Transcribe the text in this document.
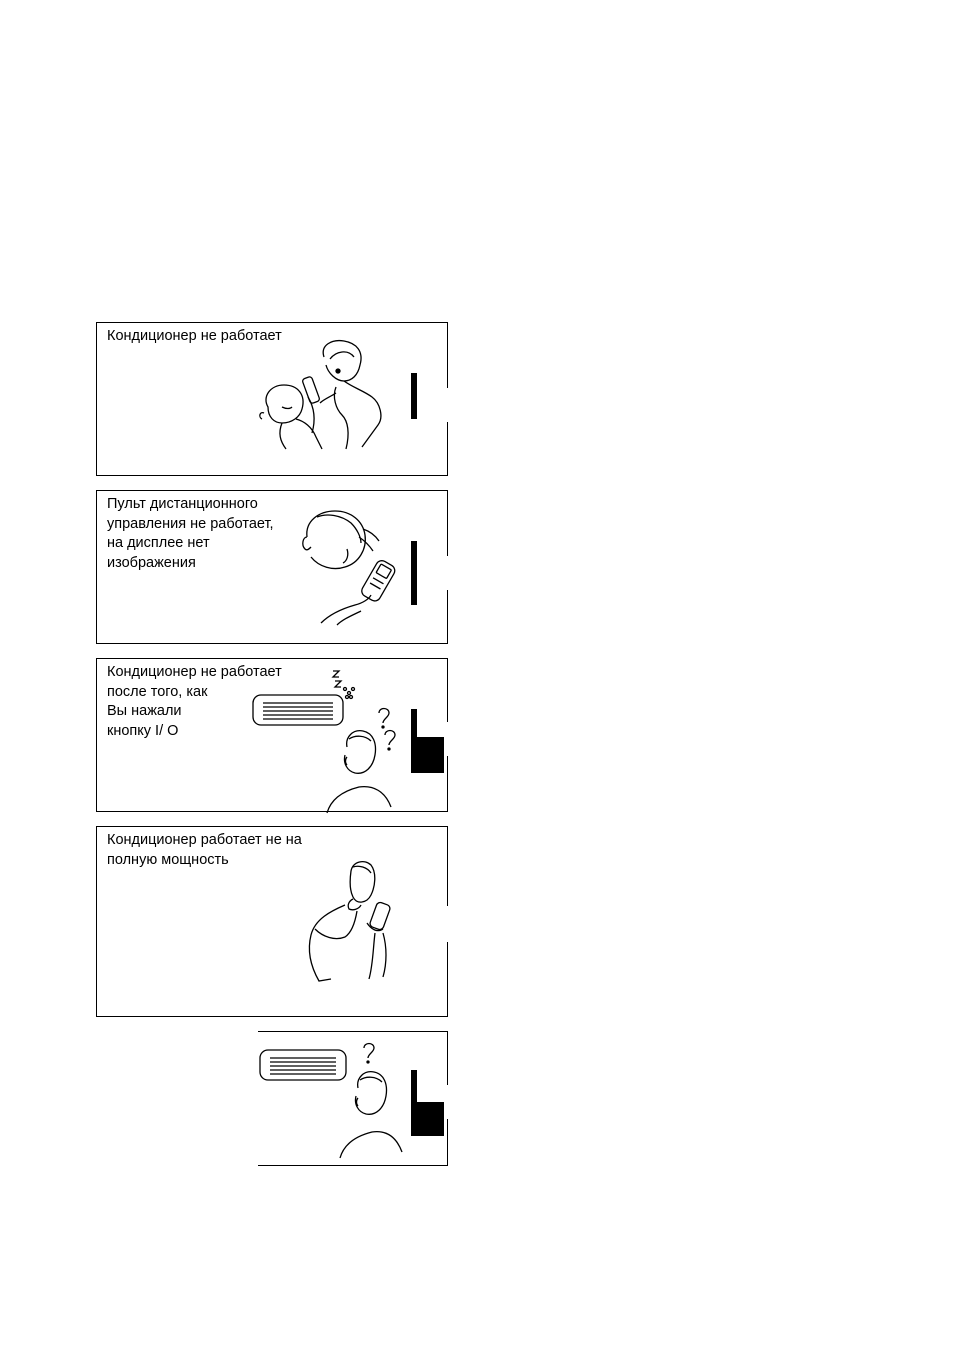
Кондиционер не работает
Пульт дистанционного
управления не работает,
на дисплее нет
изображения
Кондиционер не работает
после того, как
Вы нажали
кнопку I/ O
Кондиционер работает не на
полную мощность
